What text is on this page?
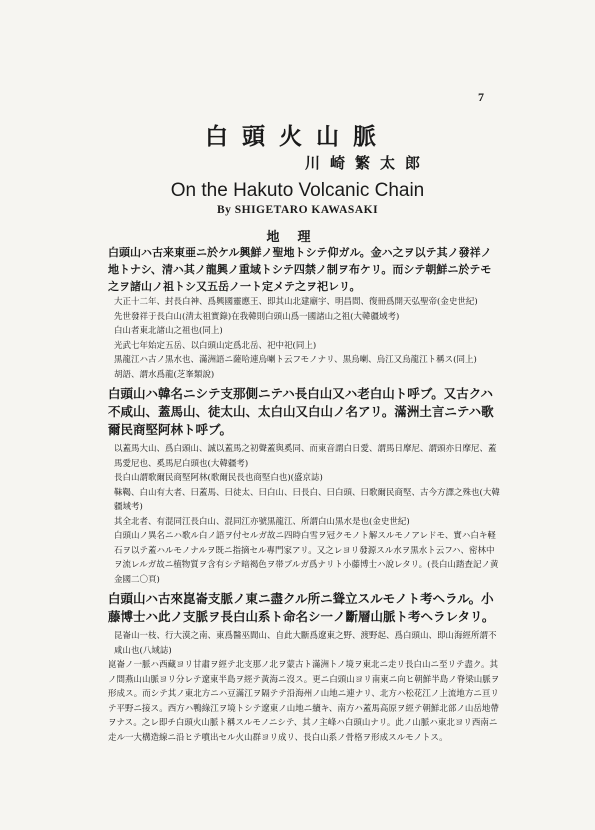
7
白頭火山脈
川崎繁太郎
On the Hakuto Volcanic Chain
By SHIGETARO KAWASAKI
地理

白頭山ハ古来東亜ニ於ケル興鮮ノ聖地トシテ仰ガル。金ハ之ヲ以テ其ノ發祥ノ地トナシ、清ハ其ノ龍興ノ重域トシテ四禁ノ制ヲ布ケリ。而シテ朝鮮ニ於テモ之ヲ諸山ノ祖トシ又五岳ノ一ト定メテ之ヲ祀レリ。

大正十二年、封長白神、爲興國靈應王、即其山北建廟宇、明昌間、復冊爲開天弘聖帝(金史世紀)

先世發祥于長白山(清太祖實錄)在我韓則白頭山爲一國諸山之祖(大韓疆域考)

白山者東北諸山之祖也(同上)

光武七年始定五岳、以白頭山定爲北岳、祀中祀(同上)

黒龍江ハ古ノ黒水也、滿洲語ニ薩哈連烏喇ト云フモノナリ、黒烏喇、烏江又烏龍江ト稱ス(同上)

胡語、謂水爲龍(芝峯類說)

白頭山ハ韓名ニシテ支那側ニテハ長白山又ハ老白山ト呼ブ。又古クハ不咸山、蓋馬山、徒太山、太白山又白山ノ名アリ。滿洲土言ニテハ歌爾民商堅阿林ト呼ブ。

以蓋馬大山、爲白頭山、誠以蓋馬之初聲蓋與奚同、而東音謂白日愛、謂馬日摩尼、謂頭亦日摩尼、蓋馬愛尼也、奚馬尼白頭也(大韓疆考)

長白山謂歌爾民商堅阿林(歌爾民長也商堅白也)(盛京誌)

靺鞨、白山有大者、曰蓋馬、曰徒太、曰白山、曰長白、曰白頭、曰歌爾民商堅、古今方譯之殊也(大韓疆域考)

其全北者、有混同江長白山、混同江亦號黒龍江、所謂白山黒水是也(金史世紀)

白頭山ノ異名ニハ歌ル白ノ語ヲ付セルガ故ニ四時白雪ヲ冠クモノト解スルモノアレドモ、實ハ白キ軽石ヲ以テ蓋ハルモノナルヲ既ニ指摘セル專門家アリ。又之レヨリ發源スル水ヲ黒水ト云フハ、密林中ヲ流レルガ故ニ植物質ヲ含有シテ暗褐色ヲ帯ブルガ爲ナリト小藤博士ハ說レタリ。(長白山踏査記ノ黄金國二〇頁)

白頭山ハ古來崑崙支脈ノ東ニ盡クル所ニ聳立スルモノト考ヘラル。小藤博士ハ此ノ支脈ヲ長白山系ト命名シ一ノ斷層山脈ト考ヘラレタリ。

昆崙山一枝、行大漠之南、東爲醫巫閭山、自此大斷爲遼東之野、渡野起、爲白頭山、即山海經所謂不咸山也(八域誌)

崑崙ノ一脈ハ西藏ヨリ甘肅ヲ經テ北支那ノ北ヲ蒙古ト滿洲トノ境ヲ東北ニ走リ長白山ニ至リテ盡ク。其ノ間燕山山脈ヨリ分レテ遼東半島ヲ經テ黃海ニ沒ス。更ニ白頭山ヨリ南東ニ向ヒ朝鮮半島ノ脊梁山脈ヲ形成ス。而シテ其ノ東北方ニハ豆滿江ヲ隔テテ沿海州ノ山地ニ連ナリ、北方ハ松花江ノ上流地方ニ亘リテ平野ニ接ス。西方ハ鴨綠江ヲ境トシテ遼東ノ山地ニ續キ、南方ハ蓋馬高原ヲ經テ朝鮮北部ノ山岳地帶ヲナス。之レ即チ白頭火山脈ト稱スルモノニシテ、其ノ主峰ハ白頭山ナリ。此ノ山脈ハ東北ヨリ西南ニ走ル一大構造線ニ沿ヒテ噴出セル火山群ヨリ成リ、長白山系ノ骨格ヲ形成スルモノトス。
